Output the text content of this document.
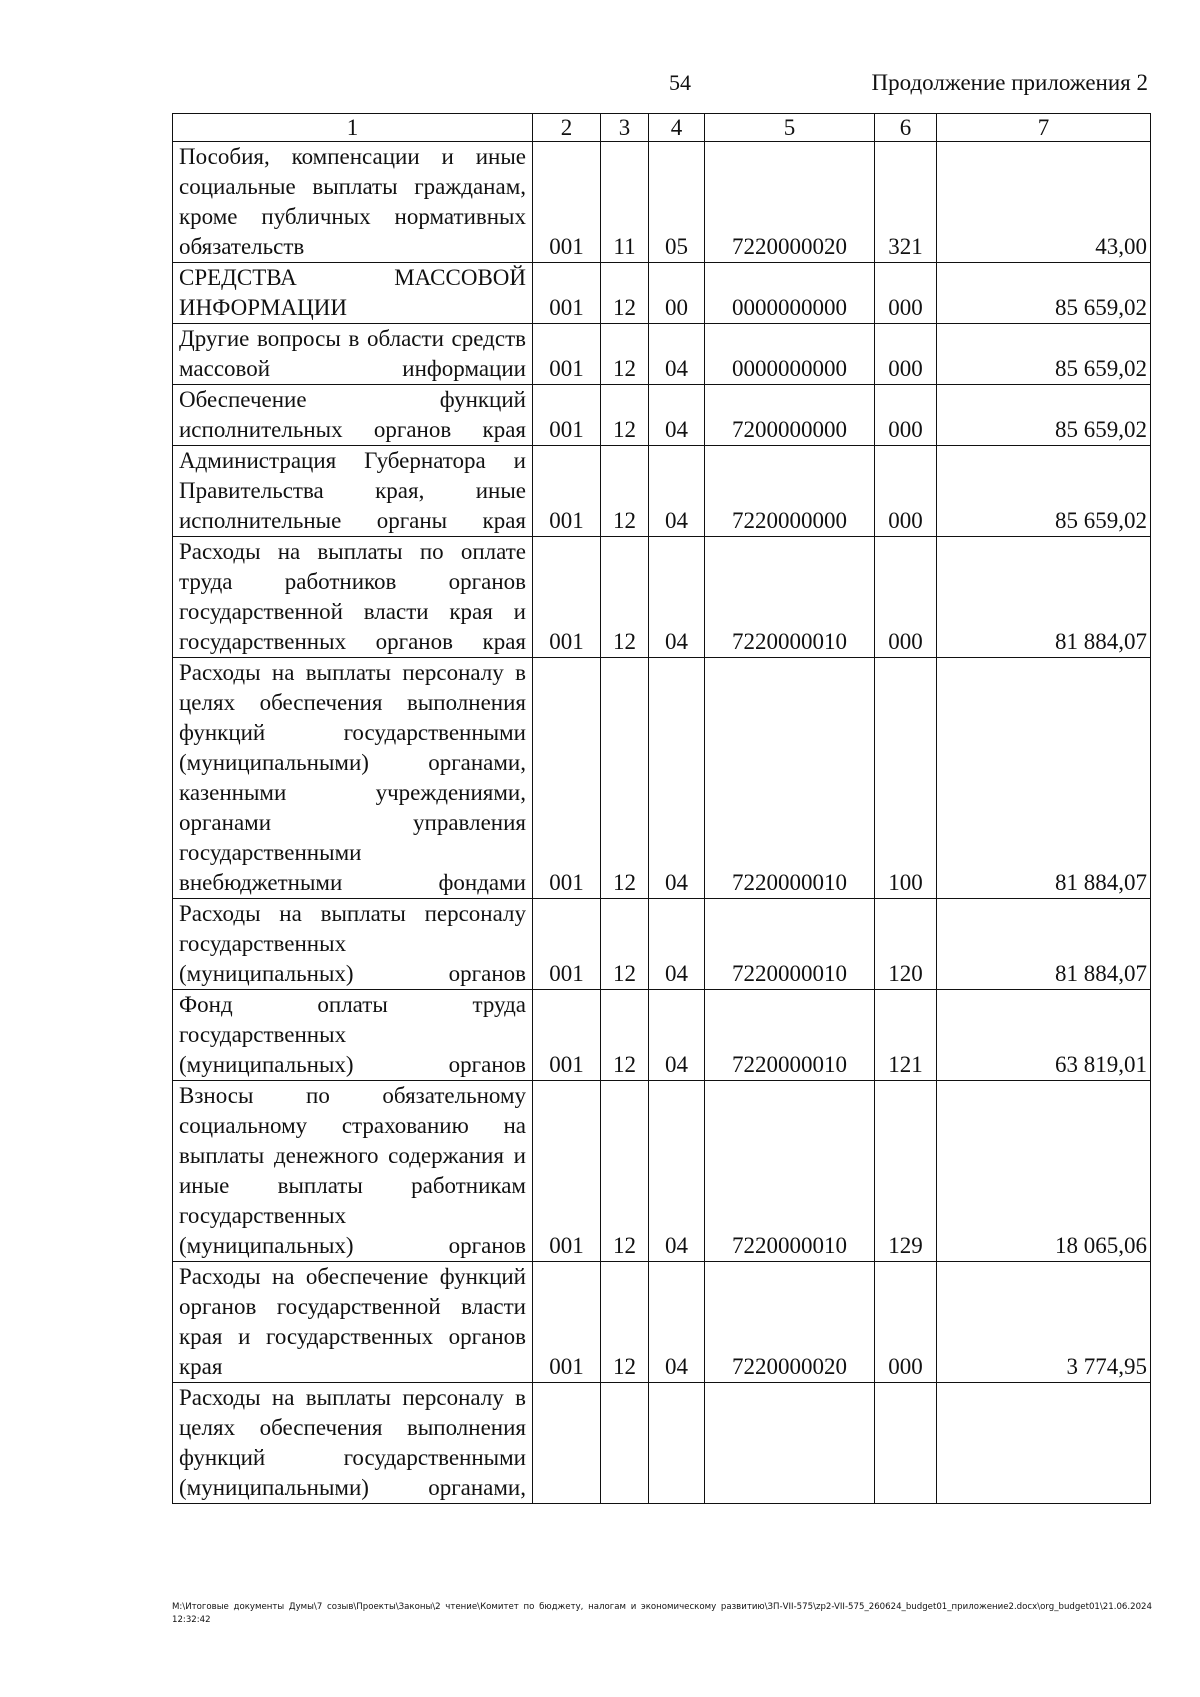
54	Продолжение приложения 2
1	2	3	4	5	6	7
Пособия, компенсации и иные социальные выплаты гражданам, кроме публичных нормативных обязательств	001	11	05	7220000020	321	43,00
СРЕДСТВА МАССОВОЙ ИНФОРМАЦИИ	001	12	00	0000000000	000	85 659,02
Другие вопросы в области средств массовой информации	001	12	04	0000000000	000	85 659,02
Обеспечение функций исполнительных органов края	001	12	04	7200000000	000	85 659,02
Администрация Губернатора и Правительства края, иные исполнительные органы края	001	12	04	7220000000	000	85 659,02
Расходы на выплаты по оплате труда работников органов государственной власти края и государственных органов края	001	12	04	7220000010	000	81 884,07
Расходы на выплаты персоналу в целях обеспечения выполнения функций государственными (муниципальными) органами, казенными учреждениями, органами управления государственными внебюджетными фондами	001	12	04	7220000010	100	81 884,07
Расходы на выплаты персоналу государственных (муниципальных) органов	001	12	04	7220000010	120	81 884,07
Фонд оплаты труда государственных (муниципальных) органов	001	12	04	7220000010	121	63 819,01
Взносы по обязательному социальному страхованию на выплаты денежного содержания и иные выплаты работникам государственных (муниципальных) органов	001	12	04	7220000010	129	18 065,06
Расходы на обеспечение функций органов государственной власти края и государственных органов края	001	12	04	7220000020	000	3 774,95
Расходы на выплаты персоналу в целях обеспечения выполнения функций государственными (муниципальными) органами,						
M:\Итоговые документы Думы\7 созыв\Проекты\Законы\2 чтение\Комитет по бюджету, налогам и экономическому развитию\ЗП-VII-575\zp2-VII-575_260624_budget01_приложение2.docx\org_budget01\21.06.2024 12:32:42
